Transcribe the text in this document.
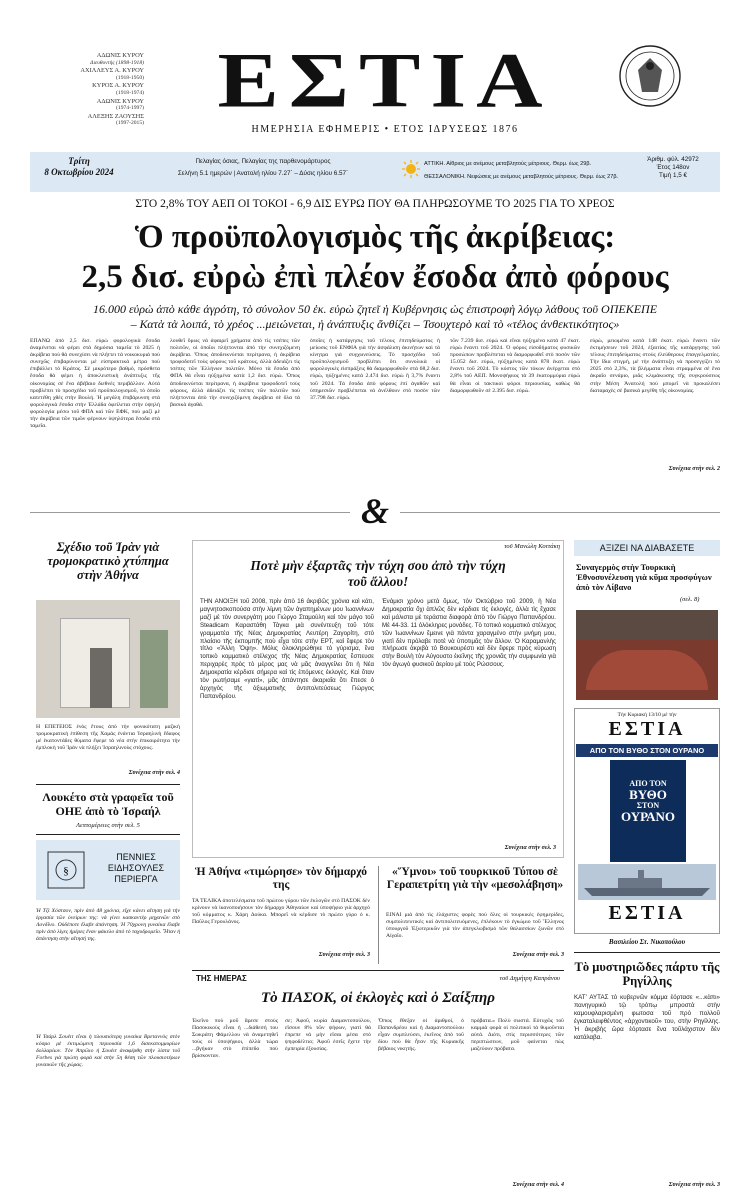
ΑΔΩΝΙΣ ΚΥΡΟΥ
Διευθυντής (1898-1918)
ΑΧΙΛΛΕΥΣ Α. ΚΥΡΟΥ
(1918-1950)
ΚΥΡΟΣ Α. ΚΥΡΟΥ
(1918-1974)
ΑΔΩΝΙΣ ΚΥΡΟΥ
(1974-1997)
ΑΛΕΞΗΣ ΖΑΟΥΣΗΣ
(1997-2015) ΕΣΤΙΑ
ΗΜΕΡΗΣΙΑ ΕΦΗΜΕΡΙΣ • ΕΤΟΣ ΙΔΡΥΣΕΩΣ 1876
Τρίτη
8 Οκτωβρίου 2024
Πελαγίας όσιας, Πελαγίας της παρθενομάρτυρος
Σελήνη 5.1 ημερών | Ανατολή ηλίου 7.27΄ – Δύσις ηλίου 6.57΄
ΑΤΤΙΚΗ. Αίθριος με ανέμους μεταβλητούς μέτριους. Θερμ. έως 29β.
ΘΕΣΣΑΛΟΝΙΚΗ. Νεφώσεις με ανέμους μεταβλητούς μέτριους. Θερμ. έως 27β.
Άριθμ. φύλ. 42972
Έτος 148ον
Τιμή 1,5 €
ΣΤΟ 2,8% ΤΟΥ ΑΕΠ ΟΙ ΤΟΚΟΙ - 6,9 ΔΙΣ ΕΥΡΩ ΠΟΥ ΘΑ ΠΛΗΡΩΣΟΥΜΕ ΤΟ 2025 ΓΙΑ ΤΟ ΧΡΕΟΣ
Ὁ προϋπολογισμὸς τῆς ἀκρίβειας:
2,5 δισ. εὐρὼ ἐπὶ πλέον ἔσοδα ἀπὸ φόρους
16.000 εὐρὼ ἀπὸ κάθε ἀγρότη, τὸ σύνολον 50 ἑκ. εὐρὼ ζητεῖ ἡ Κυβέρνησις ὡς ἐπιστροφὴ λόγῳ λάθους τοῦ ΟΠΕΚΕΠΕ
– Κατὰ τὰ λοιπά, τὸ χρέος ...μειώνεται, ἡ ἀνάπτυξις ἄνθίζει – Τσουχτερὸ καὶ τὸ «τέλος ἀνθεκτικότητος»
ΕΠΑΝΩ ἀπὸ 2,5 δισ. εὐρὼ φορολογικὰ ἔσοδα ἀναμένεται νὰ φέρει στὰ δημόσια ταμεῖα τὸ 2025 ἡ ἀκρίβεια ποὺ θὰ συνεχίσει νὰ πλήττει τὰ νοικοκυριά ποὺ συνεχῶς ἐπιβαρύνονται μὲ εἰσπρακτικὰ μέτρα ποὺ ἐπιβάλλει τὸ Κράτος. Σὲ μικρότερο βαθμό, πρόσθετα ἔσοδα θὰ φέρει ἡ ἀποκλειστικὴ ἀνάπτυξις τῆς οἰκονομίας σὲ ἕνα ἀβέβαιο διεθνὲς περιβάλλον. Αὐτὰ προβλέπει τὸ προσχέδιο τοῦ προϋπολογισμοῦ, τὸ ὁποῖο κατετέθη χθὲς στὴν Βουλή. Ἡ μεγάλη ἐπιβάρυνση στὰ φορολογικὰ ἔσοδα στὴν Ἑλλάδα ὀφείλεται στὴν ὑψηλὴ φορολογία μέσω τοῦ ΦΠΑ καὶ τῶν ΕΦΚ, ποὺ μαζὶ μὲ τὴν ἀκρίβεια τῶν τιμῶν φέρνουν ὑψηλότερα ἔσοδα στὰ ταμεῖα.
λουθεῖ ὅμως νὰ ἀφαιρεῖ χρήματα ἀπὸ τὶς τσέπες τῶν πολιτῶν, οἱ ὁποῖοι πλήττονται ἀπὸ τὴν συνεχιζόμενη ἀκρίβεια. Ὅπως ἀποδεικνύεται περίτρανα, ἡ ἀκρίβεια τροφοδοτεῖ τοὺς φόρους τοῦ κράτους, ἀλλὰ ἀδειάζει τὶς τσέπες τῶν Ἑλλήνων πολιτῶν. Μόνο τὰ ἔσοδα ἀπὸ ΦΠΑ θὰ εἶναι ηὐξημένα κατὰ 1,2 δισ. εὐρώ. Ὅπως ἀποδεικνύεται περίτρανα, ἡ ἀκρίβεια τροφοδοτεῖ τοὺς φόρους, ἀλλὰ ἀδειάζει τὶς τσέπες τῶν πολιτῶν ποὺ πλήττονται ἀπὸ τὴν συνεχιζόμενη ἀκρίβεια σὲ ὅλα τὰ βασικὰ ἀγαθά.
ὁποῖες ἡ κατάργησις τοῦ τέλους ἐπιτηδεύματος ἡ μείωσις τοῦ ΕΝΦΙΑ γιὰ τὴν ἀσφάλιση ἀκινήτων καὶ τὰ κίνητρα γιὰ συγχωνεύσεις. Τὸ προσχέδιο τοῦ προϋπολογισμοῦ προβλέπει ὅτι συνολικὰ οἱ φορολογικὲς εἰσπράξεις θὰ διαμορφωθοῦν στὰ 68,2 δισ. εὐρὼ, ηὐξημένες κατὰ 2.474 δισ. εὐρὼ ἢ 3,7% ἔναντι τοῦ 2024. Τὰ ἔσοδα ἀπὸ φόρους ἐπὶ ἀγαθῶν καὶ ὑπηρεσιῶν προβλέπεται νὰ ἀνέλθουν στὸ ποσὸν τῶν 37.798 δισ. εὐρὼ.
τῶν 7.239 δισ. εὐρὼ καὶ εἶναι ηὐξημένα κατὰ 47 ἑκατ. εὐρὼ ἔναντι τοῦ 2024. Ὁ φόρος εἰσοδήματος φυσικῶν προσώπων προβλέπεται νὰ διαμορφωθεῖ στὸ ποσὸν τῶν 15.052 δισ. εὐρὼ, ηὐξημένος κατὰ 878 ἑκατ. εὐρὼ ἔναντι τοῦ 2024. Τὸ κόστος τῶν τόκων ἀνέρχεται στὸ 2,8% τοῦ ΑΕΠ. Μονοψήφιος τὰ 39 ἑκατομμύρια εὐρὼ θὰ εἶναι οἱ τακτικοὶ φόροι περιουσίας, καθὼς θὰ διαμορφωθοῦν σὲ 2.395 δισ. εὐρὼ.
εὐρὼ, μειωμένα κατὰ 148 ἑκατ. εὐρὼ ἔναντι τῶν ἐκτιμήσεων τοῦ 2024, ἐξαιτίας τῆς κατάργησης τοῦ τέλους ἐπιτηδεύματος στοὺς ἐλεύθερους ἐπαγγελματίες. Τὴν ἴδια στιγμή, μὲ τὴν ἀνάπτυξη νὰ προσεγγίζει τὸ 2025 στὸ 2,3%, τὰ βλέμματα εἶναι στραμμένα σὲ ἕνα ἀκραῖο σενάριο, μιᾶς κλιμάκωσης τῆς συγκρούσεως στὴν Μέση Ἀνατολή ποὺ μπορεῖ νὰ προκαλέσει διαταραχὲς σὲ βασικὰ μεγέθη τῆς οἰκονομίας.
Συνέχεια στὴν σελ. 2
&
Σχέδιο τοῦ Ἰρὰν γιὰ τρομοκρατικὸ χτύπημα στὴν Ἀθήνα
Η ΕΠΕΤΕΙΟΣ ἐνὸς ἔτους ἀπὸ τὴν φονικότατη μαζικὴ τρομοκρατικὴ ἐπίθεση τῆς Χαμάς ἐνάντια Ἰσραηλινὴ ἔδαφος μὲ ἑκατοντάδες θύματα ἔφερε τὰ νέα στὴν ἐπικαιρότητα τὴν ἐμπλοκὴ τοῦ Ἰρὰν νὰ πλήξει Ἰσραηλινοὺς στόχους.
Συνέχεια στὴν σελ. 4
Λουκέτο στὰ γραφεῖα τοῦ ΟΗΕ ἀπὸ τὸ Ἰσραήλ
Λεπτομέρειες στὴν σελ. 5
§
ΠΕΝΝΙΕΣ
ΕΙΔΗΣΟΥΛΕΣ
ΠΕΡΙΕΡΓΑ
Ἡ Τζὶ Χόστσον, πρὶν ἀπὸ 48 χρόνια, εἶχε κάνει αἴτηση γιὰ τὴν ἐργασία τῶν ὀνείρων της: νὰ γίνει κασκαντὲρ μηχανῶν στὸ Λονδῖνο. Οὐδέποτε ἔλαβε ἀπάντηση. Ἡ 70χρονη γυναίκα ἔλαβε πρὶν ἀπὸ λίγες ἡμέρες ἕναν φάκελο ἀπὸ τὸ ταχυδρομεῖο. Ἦταν ἡ ἀπάντηση στὴν αἴτησή της.
Ἡ Τσάρλ Σουέιτ εἶναι ἡ πλουσιότερη γυναίκα Βρεταννὸς στὸν κόσμο μὲ ἐκτιμώμενη περιουσία 1,6 δισεκατομμυρίων δολλαρίων. Τὸν Ἀπρίλιο ἡ Σουέιτ ἀναφέρθη στὴν λίστα τοῦ Forbes γιὰ πρώτη φορά καὶ στὴν 5η θέση τῶν πλουσιοτέρων γυναικῶν τῆς χώρας.
τοῦ Μανώλη Κοττάκη
Ποτὲ μὴν ἐξαρτᾶς τὴν τύχη σου ἀπὸ τὴν τύχη τοῦ ἄλλου!
ΤΗΝ ΑΝΟΙΞΗ τοῦ 2008, πρὶν ἀπὸ 16 ἀκριβῶς χρόνια καὶ κάτι, μαγνητοσκοπούσα στὴν λίμνη τῶν ἀγαπημένων μου Ἰωαννίνων μαζὶ μὲ τὸν συνεργάτη μου Γιώργο Σταμούλη καὶ τὸν μάγο τοῦ Steadicam Καραστάθη Τάγκα μιὰ συνέντευξη τοῦ τότε γραμματέα τῆς Νέας Δημοκρατίας Λευτέρη Ζαγορίτη, στὸ πλαίσιο τῆς ἐκπομπῆς ποὺ εἶχα τότε στὴν ΕΡΤ, καὶ ἔφερε τὸν τίτλο «Ἄλλη Ὄψη». Μόλις ὁλοκληρώθηκε τὸ γύρισμα, ἕνα τοπικὸ κομματικὸ στέλεχος τῆς Νέας Δημοκρατίας ἔσπευσε περιχαρὲς πρὸς τὸ μέρος μας νὰ μᾶς ἀναγγείλει ὅτι ἡ Νέα Δημοκρατία κέρδισε σήμερα καὶ τὶς ἐπόμενες ἐκλογές. Καὶ ὅταν τὸν ρωτήσαμε «γιατί», μᾶς ἀπάντησε ἀκαριαῖα ὅτι ἔπεσε ὁ ἀρχηγὸς τῆς ἀξιωματικῆς ἀντιπολιτεύσεως Γιώργος Παπανδρέου.
Ἐνάμισι χρόνο μετὰ ὅμως, τὸν Ὀκτώβριο τοῦ 2009, ἡ Νέα Δημοκρατία ὄχι ἁπλῶς δὲν κέρδισε τὶς ἐκλογές, ἀλλὰ τὶς ἔχασε καὶ μάλιστα μὲ τεράστια διαφορὰ ἀπὸ τὸν Γιώργο Παπανδρέου. Μὲ 44-33. 11 ὁλόκληρες μονάδες. Τὸ τοπικὸ κομματικὸ στέλεχος τῶν Ἰωαννίνων ἔμεινε γιὰ πάντα χαραγμένο στὴν μνήμη μου, γιατὶ δὲν πρόλαβε ποτὲ νὰ ὑποτιμᾶς τὸν ἄλλον. Ὁ Καραμανλὴς πλήρωσε ἀκριβὰ τὸ Βουκουρέστι καὶ δὲν ἔφερε πρὸς κύρωση στὴν Βουλὴ τὸν Αὐγουστο ἐκεῖνης τῆς χρονιᾶς τὴν συμφωνία γιὰ τὸν ἀγωγὸ φυσικοῦ ἀερίου μὲ τοὺς Ρώσσους.
Συνέχεια στὴν σελ. 3
Ἡ Ἀθήνα «τιμώρησε» τὸν δήμαρχό της
ΤΑ ΤΕΛΙΚΑ ἀποτελέσματα τοῦ πρώτου γύρου τῶν ἐκλογῶν στὸ ΠΑΣΟΚ δὲν κρίνουν νὰ ἱκανοποιήσουν τὸν δήμαρχο Ἀθηναίων καὶ ὑποψήφιο γιὰ ἀρχηγὸ τοῦ κόμματος κ. Χάρη Δούκα. Μπορεῖ νὰ κέρδισε τὸ πρώτο γύρο ὁ κ. Παῦλος Γερουλάνος.
Συνέχεια στὴν σελ. 3
«Ὕμνοι» τοῦ τουρκικοῦ Τύπου σὲ Γεραπετρίτη γιὰ τὴν «μεσολάβηση»
ΕΙΝΑΙ μιὰ ἀπὸ τὶς ἐλάχιστες φορὲς ποὺ ὅλες οἱ τουρκικὲς ἐφημερίδες, συμπολιτευτικὲς καὶ ἀντιπολιτευόμενες, ἐπλέκουν τὸ ἐγκώμιο τοῦ Ἕλληνος ὑπουργοῦ Ἐξωτερικῶν γιὰ τὸν ἀπεγκλωβισμὸ τῶν θαλασσίων ζωνῶν στὸ Αἰγαῖο.
Συνέχεια στὴν σελ. 3
ΤΗΣ ΗΜΕΡΑΣ	τοῦ Δημήτρη Καπράνου
Τὸ ΠΑΣΟΚ, οἱ ἐκλογὲς καὶ ὁ Σαίξπηρ
Ἐκεῖνο ποὺ μοῦ ἄρεσε στοὺς Πασοκικοὺς εἶναι ἡ ...διάθεσή του Σωκράτη Φάμελλου νὰ ἀναμετηθεῖ τοὺς οἱ ὑποψήφιοι, ἀλλὰ τώρα ...βγήκαν στὸ ἐπίπεδο ποὺ βρίσκονταν.
σε; Ἀφοῦ, κυρία Διαμαντοπούλου, εἴσουν 8% τῶν ψήφων, γιατὶ θὰ ἐπρεπε νὰ μὴν εἴσαι μέσα στὸ ψηφοδέλτιο; Ἀφοῦ ἐσεῖς ἔχετε τὴν ἐμπειρία ἐξουσίας.
Ὅπως ἔθεξαν οἱ ἀριθμοί, ὁ Παπανδρέου καὶ ἡ Διαμαντοπούλου εἶχαν συμπλεύσει, ἐκεῖνος ἀπὸ τοῦ δίου ποὺ θὰ ἦταν τῆς Κυριακῆς βέβαιος νικητὴς.
πρόβατα.» Πολὺ σωστά. Εὐτυχῶς τοῦ καμμιὰ φορὰ οἱ πολιτικοὶ τὰ θυμοῦνται αὐτά. Διότι, στὶς περισσότερες τῶν περιπτώσεων, μοῦ φαίνεται πὼς μαζεύουν πρόβατα.
Συνέχεια στὴν σελ. 4
ΑΞΙΖΕΙ ΝΑ ΔΙΑΒΑΣΕΤΕ
Συναγερμὸς στὴν Τουρκικὴ Ἐθνοσυνέλευση γιὰ κῦμα προσφύγων ἀπὸ τὸν Λίβανο
(σελ. 8)
Τὴν Κυριακὴ 13/10 μὲ τὴν
ΕΣΤΙΑ
ΑΠΟ ΤΟΝ ΒΥΘΟ ΣΤΟΝ ΟΥΡΑΝΟ
ΑΠΟ ΤΟΝ
ΒΥΘΟ
ΣΤΟΝ
ΟΥΡΑΝΟ
ΕΣΤΙΑ
Βασιλείου Στ. Νικοπούλου
Τὸ μυστηριῶδες πάρτυ τῆς Ρηγίλλης
ΚΑΤ' ΑΥΤΑΣ τὸ κυβερνῶν κόμμα ἑόρτασε «...κὰπι» πανηγυρικὸ τῷ τρόπῳ μπροστὰ στὴν καμουφλαρισμένη φωτοσα τοῦ πρὸ πολλοῦ ἐγκαταλειφθέντος «ἀρχοντικοῦ» του, στὴν Ρηγίλλης. Ἡ ἀκριβὴς ὥρα ἑόρτασε ἕνα τοῦλάχιστον δὲν κατάλαβα.
Συνέχεια στὴν σελ. 3
